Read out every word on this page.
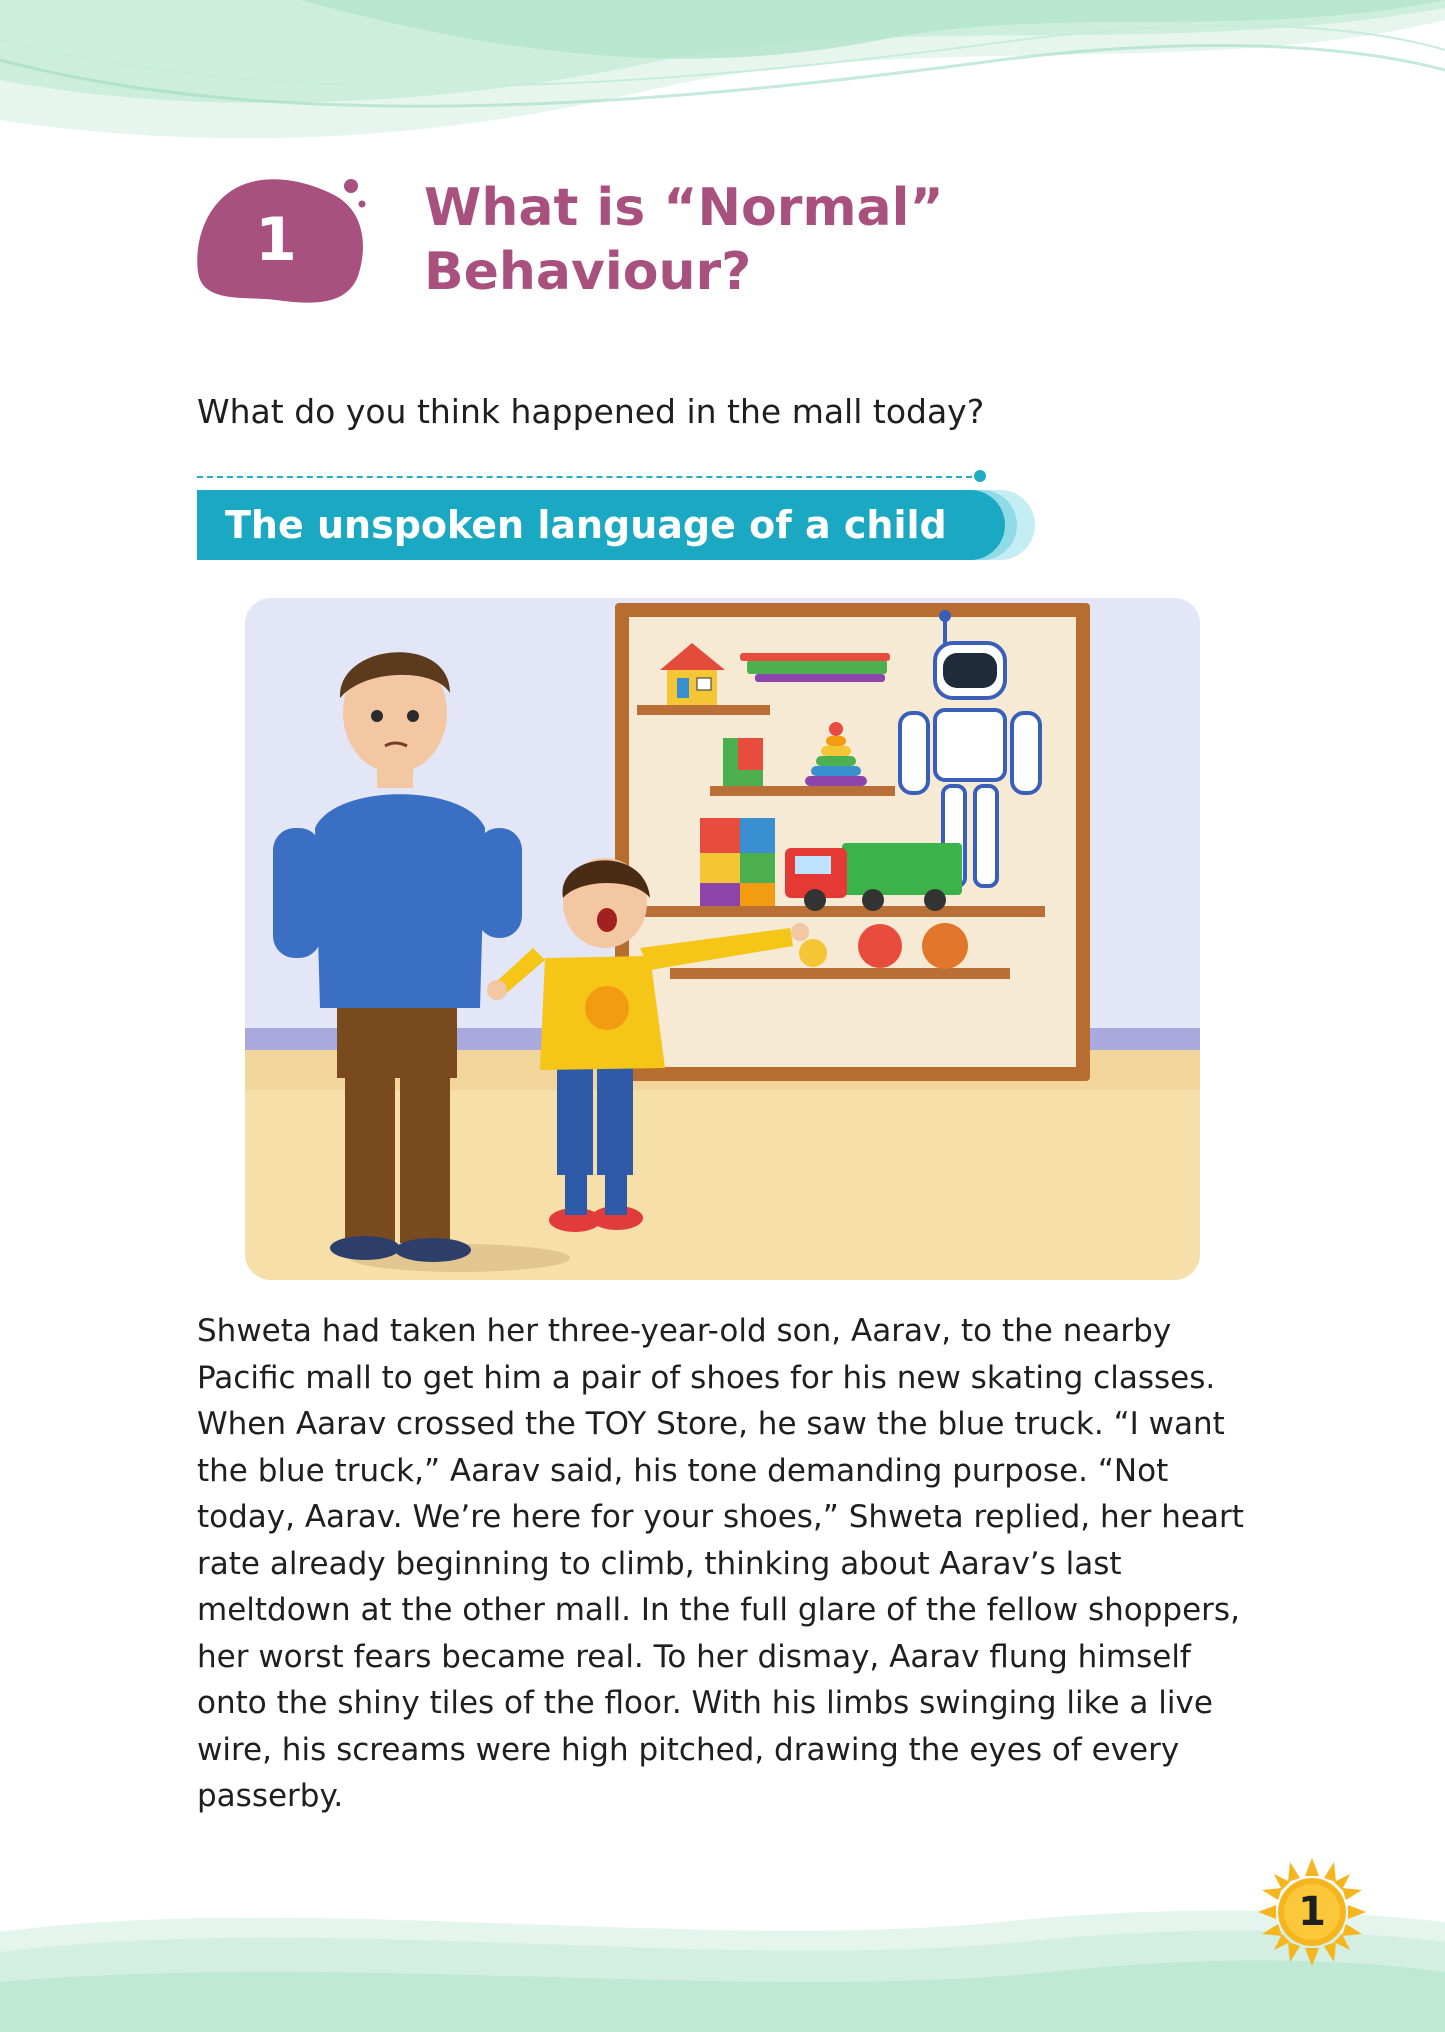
1	What is “Normal”
Behaviour?
What do you think happened in the mall today?
The unspoken language of a child

Shweta had taken her three-year-old son, Aarav, to the nearby Pacific mall to get him a pair of shoes for his new skating classes. When Aarav crossed the TOY Store, he saw the blue truck. “I want the blue truck,” Aarav said, his tone demanding purpose. “Not today, Aarav. We’re here for your shoes,” Shweta replied, her heart rate already beginning to climb, thinking about Aarav’s last meltdown at the other mall. In the full glare of the fellow shoppers, her worst fears became real. To her dismay, Aarav flung himself onto the shiny tiles of the floor. With his limbs swinging like a live wire, his screams were high pitched, drawing the eyes of every passerby.

1
